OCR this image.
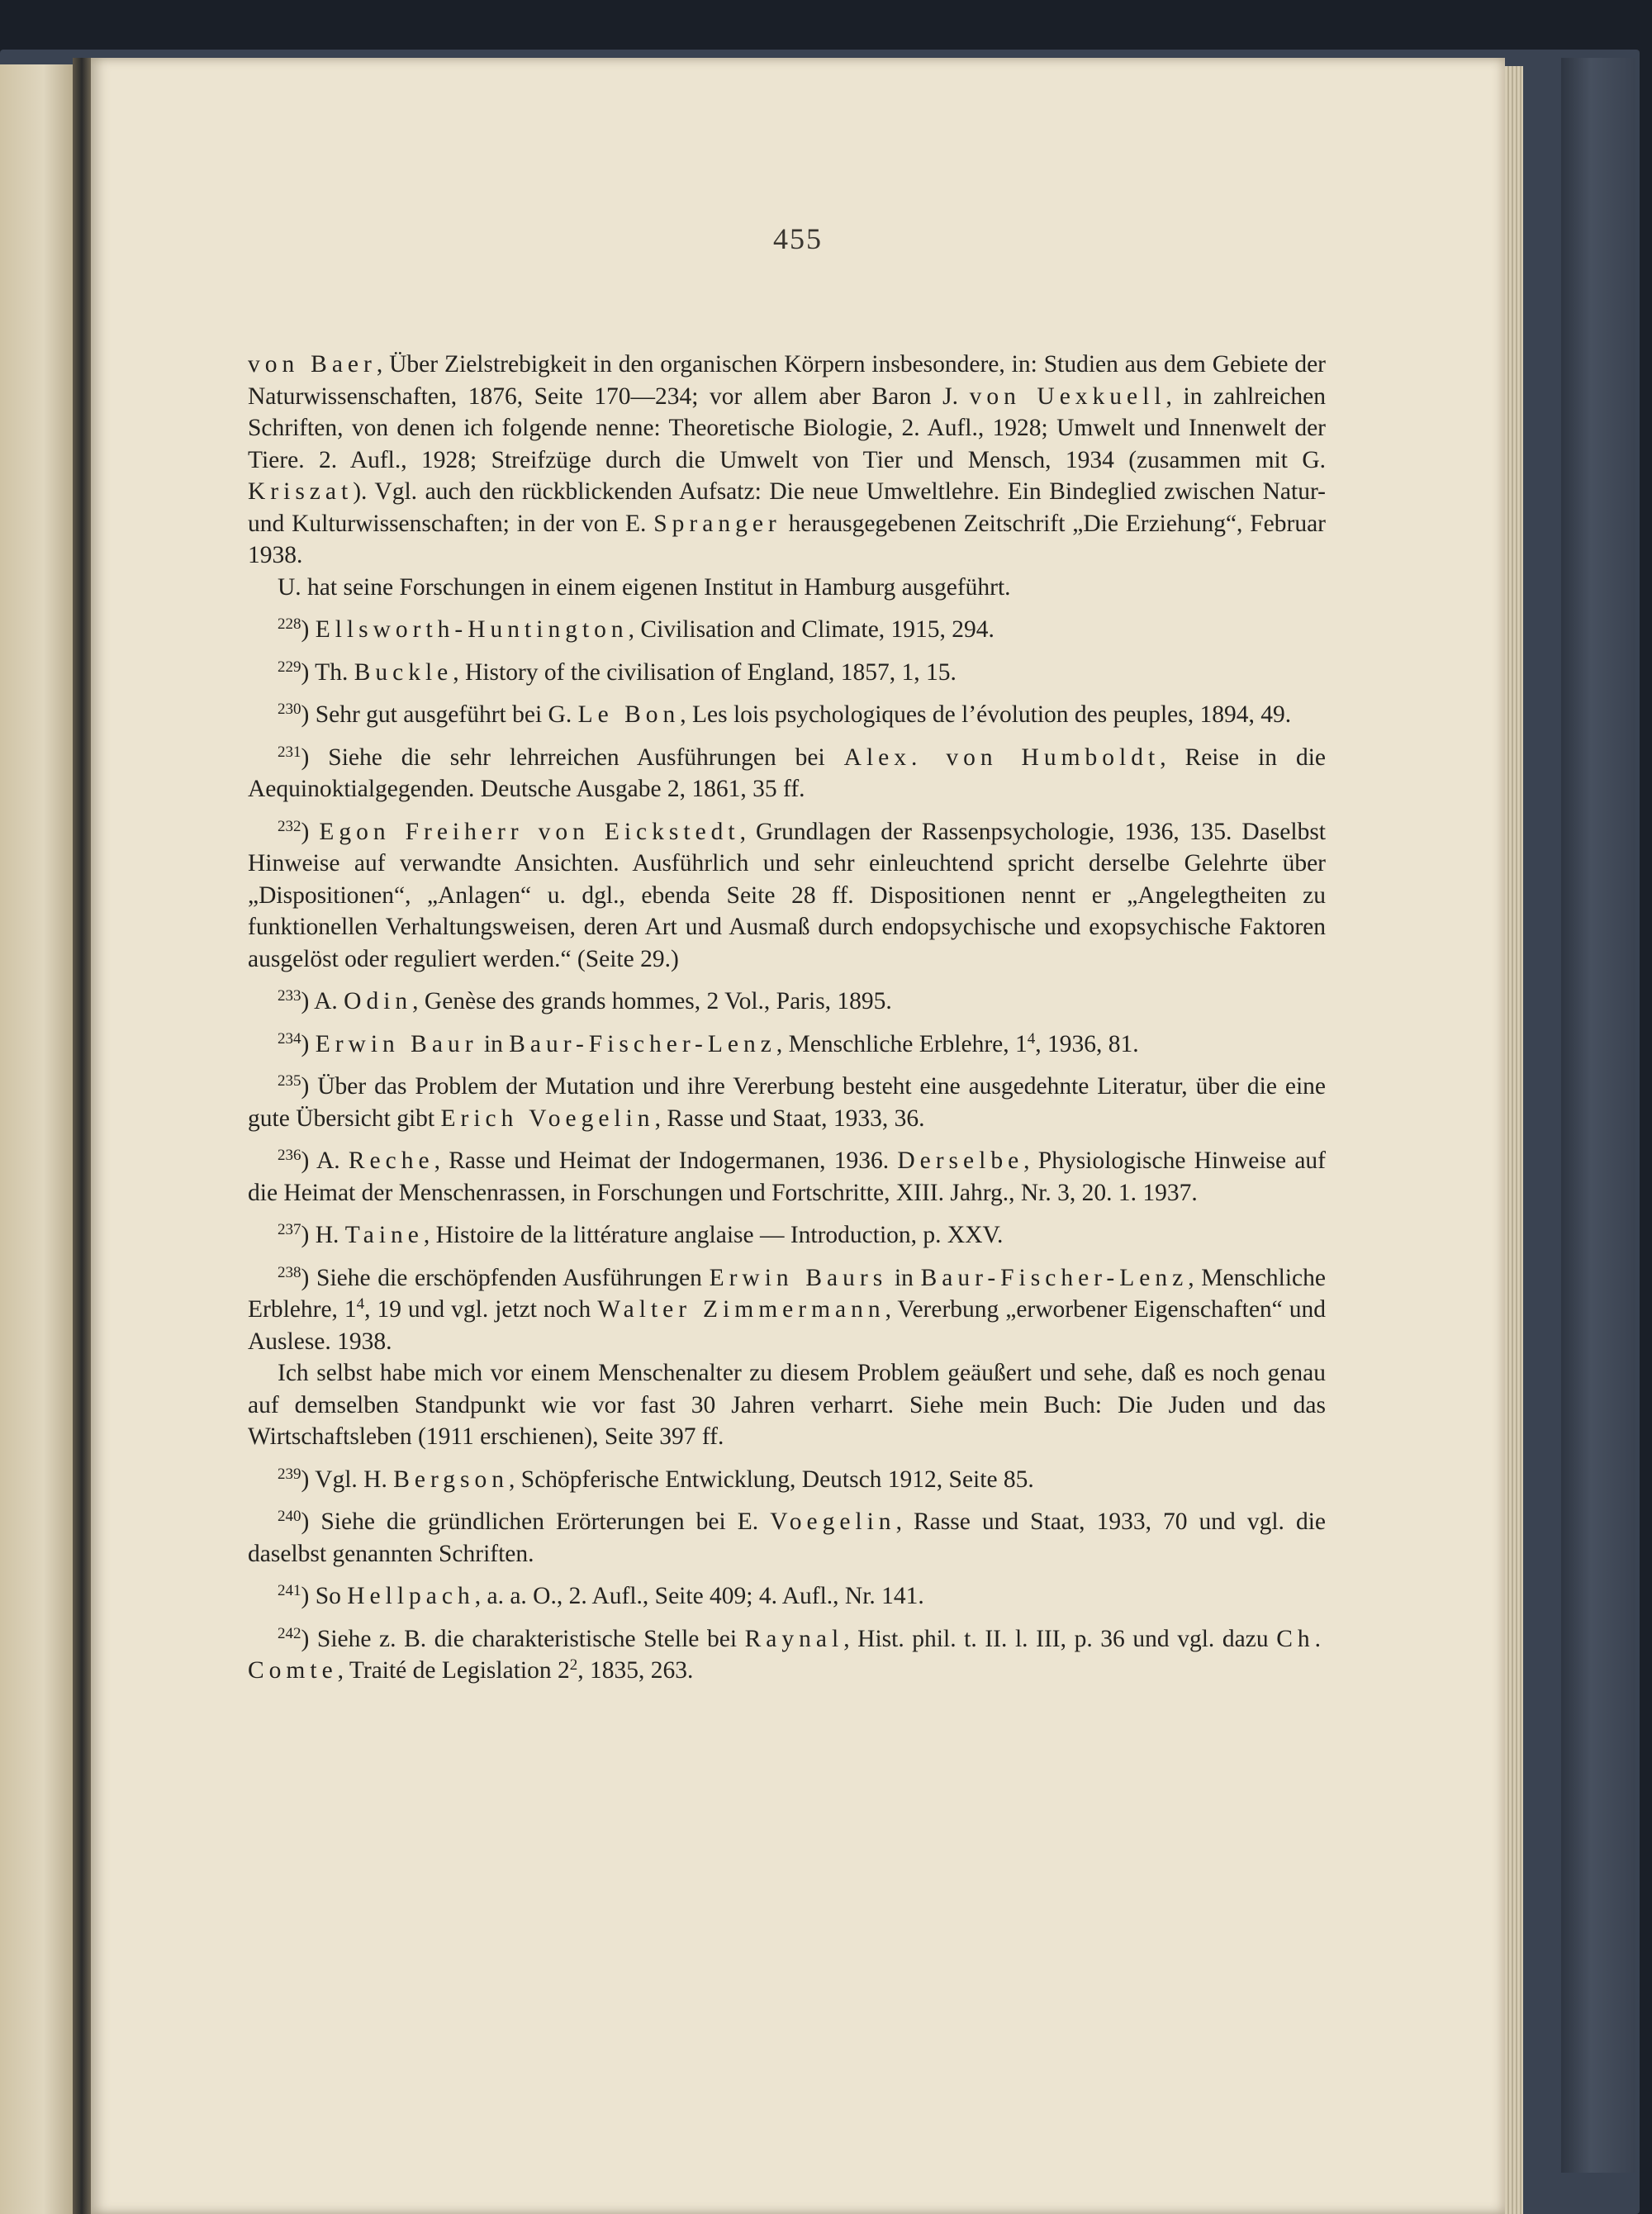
455

von Baer, Über Zielstrebigkeit in den organischen Körpern insbesondere, in: Studien aus dem Gebiete der Naturwissenschaften, 1876, Seite 170—234; vor allem aber Baron J. von Uexkuell, in zahlreichen Schriften, von denen ich folgende nenne: Theoretische Biologie, 2. Aufl., 1928; Umwelt und Innenwelt der Tiere. 2. Aufl., 1928; Streifzüge durch die Umwelt von Tier und Mensch, 1934 (zusammen mit G. Kriszat). Vgl. auch den rückblickenden Aufsatz: Die neue Umweltlehre. Ein Bindeglied zwischen Natur- und Kulturwissenschaften; in der von E. Spranger herausgegebenen Zeitschrift „Die Erziehung“, Februar 1938.

U. hat seine Forschungen in einem eigenen Institut in Hamburg ausgeführt.

$^{228}$) Ellsworth-Huntington, Civilisation and Climate, 1915, 294.

$^{229}$) Th. Buckle, History of the civilisation of England, 1857, 1, 15.

$^{230}$) Sehr gut ausgeführt bei G. Le Bon, Les lois psychologiques de l’évolution des peuples, 1894, 49.

$^{231}$) Siehe die sehr lehrreichen Ausführungen bei Alex. von Humboldt, Reise in die Aequinoktialgegenden. Deutsche Ausgabe 2, 1861, 35 ff.

$^{232}$) Egon Freiherr von Eickstedt, Grundlagen der Rassenpsychologie, 1936, 135. Daselbst Hinweise auf verwandte Ansichten. Ausführlich und sehr einleuchtend spricht derselbe Gelehrte über „Dispositionen“, „Anlagen“ u. dgl., ebenda Seite 28 ff. Dispositionen nennt er „Angelegtheiten zu funktionellen Verhaltungsweisen, deren Art und Ausmaß durch endopsychische und exopsychische Faktoren ausgelöst oder reguliert werden.“ (Seite 29.)

$^{233}$) A. Odin, Genèse des grands hommes, 2 Vol., Paris, 1895.

$^{234}$) Erwin Baur in Baur-Fischer-Lenz, Menschliche Erblehre, $1^4$, 1936, 81.

$^{235}$) Über das Problem der Mutation und ihre Vererbung besteht eine ausgedehnte Literatur, über die eine gute Übersicht gibt Erich Voegelin, Rasse und Staat, 1933, 36.

$^{236}$) A. Reche, Rasse und Heimat der Indogermanen, 1936. Derselbe, Physiologische Hinweise auf die Heimat der Menschenrassen, in Forschungen und Fortschritte, XIII. Jahrg., Nr. 3, 20. 1. 1937.

$^{237}$) H. Taine, Histoire de la littérature anglaise — Introduction, p. XXV.

$^{238}$) Siehe die erschöpfenden Ausführungen Erwin Baurs in Baur-Fischer-Lenz, Menschliche Erblehre, $1^4$, 19 und vgl. jetzt noch Walter Zimmermann, Vererbung „erworbener Eigenschaften“ und Auslese. 1938.

Ich selbst habe mich vor einem Menschenalter zu diesem Problem geäußert und sehe, daß es noch genau auf demselben Standpunkt wie vor fast 30 Jahren verharrt. Siehe mein Buch: Die Juden und das Wirtschaftsleben (1911 erschienen), Seite 397 ff.

$^{239}$) Vgl. H. Bergson, Schöpferische Entwicklung, Deutsch 1912, Seite 85.

$^{240}$) Siehe die gründlichen Erörterungen bei E. Voegelin, Rasse und Staat, 1933, 70 und vgl. die daselbst genannten Schriften.

$^{241}$) So Hellpach, a. a. O., 2. Aufl., Seite 409; 4. Aufl., Nr. 141.

$^{242}$) Siehe z. B. die charakteristische Stelle bei Raynal, Hist. phil. t. II. l. III, p. 36 und vgl. dazu Ch. Comte, Traité de Legislation $2^2$, 1835, 263.
